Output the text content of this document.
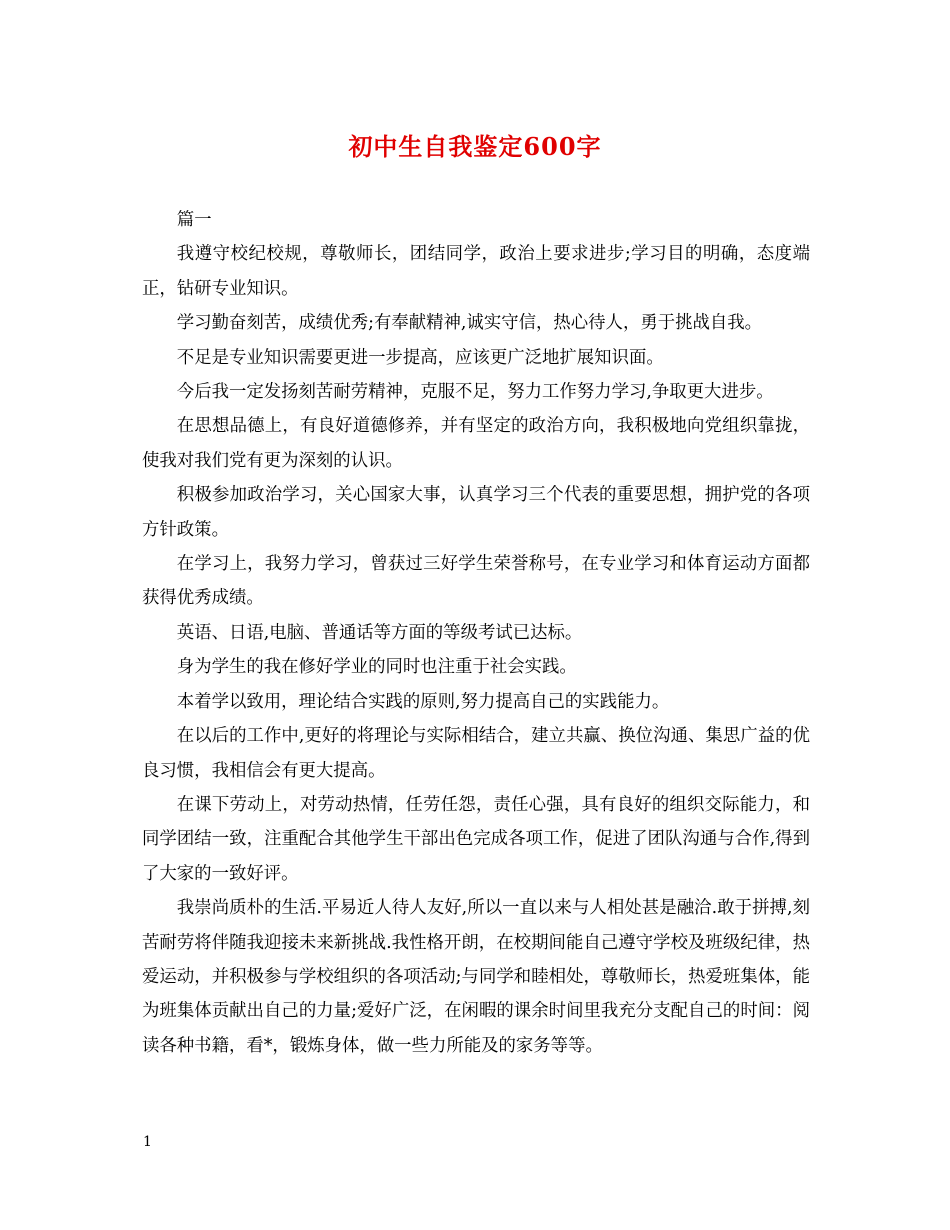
初中生自我鉴定600字

篇一

我遵守校纪校规，尊敬师长，团结同学，政治上要求进步;学习目的明确，态度端正，钻研专业知识。

学习勤奋刻苦，成绩优秀;有奉献精神,诚实守信，热心待人，勇于挑战自我。

不足是专业知识需要更进一步提高，应该更广泛地扩展知识面。

今后我一定发扬刻苦耐劳精神，克服不足，努力工作努力学习,争取更大进步。

在思想品德上，有良好道德修养，并有坚定的政治方向，我积极地向党组织靠拢，使我对我们党有更为深刻的认识。

积极参加政治学习，关心国家大事，认真学习三个代表的重要思想，拥护党的各项方针政策。

在学习上，我努力学习，曾获过三好学生荣誉称号，在专业学习和体育运动方面都获得优秀成绩。

英语、日语,电脑、普通话等方面的等级考试已达标。

身为学生的我在修好学业的同时也注重于社会实践。

本着学以致用，理论结合实践的原则,努力提高自己的实践能力。

在以后的工作中,更好的将理论与实际相结合，建立共赢、换位沟通、集思广益的优良习惯，我相信会有更大提高。

在课下劳动上，对劳动热情，任劳任怨，责任心强，具有良好的组织交际能力，和同学团结一致，注重配合其他学生干部出色完成各项工作，促进了团队沟通与合作,得到了大家的一致好评。

我崇尚质朴的生活.平易近人待人友好,所以一直以来与人相处甚是融洽.敢于拼搏,刻苦耐劳将伴随我迎接未来新挑战.我性格开朗，在校期间能自己遵守学校及班级纪律，热爱运动，并积极参与学校组织的各项活动;与同学和睦相处，尊敬师长，热爱班集体，能为班集体贡献出自己的力量;爱好广泛，在闲暇的课余时间里我充分支配自己的时间：阅读各种书籍，看*，锻炼身体，做一些力所能及的家务等等。

1
